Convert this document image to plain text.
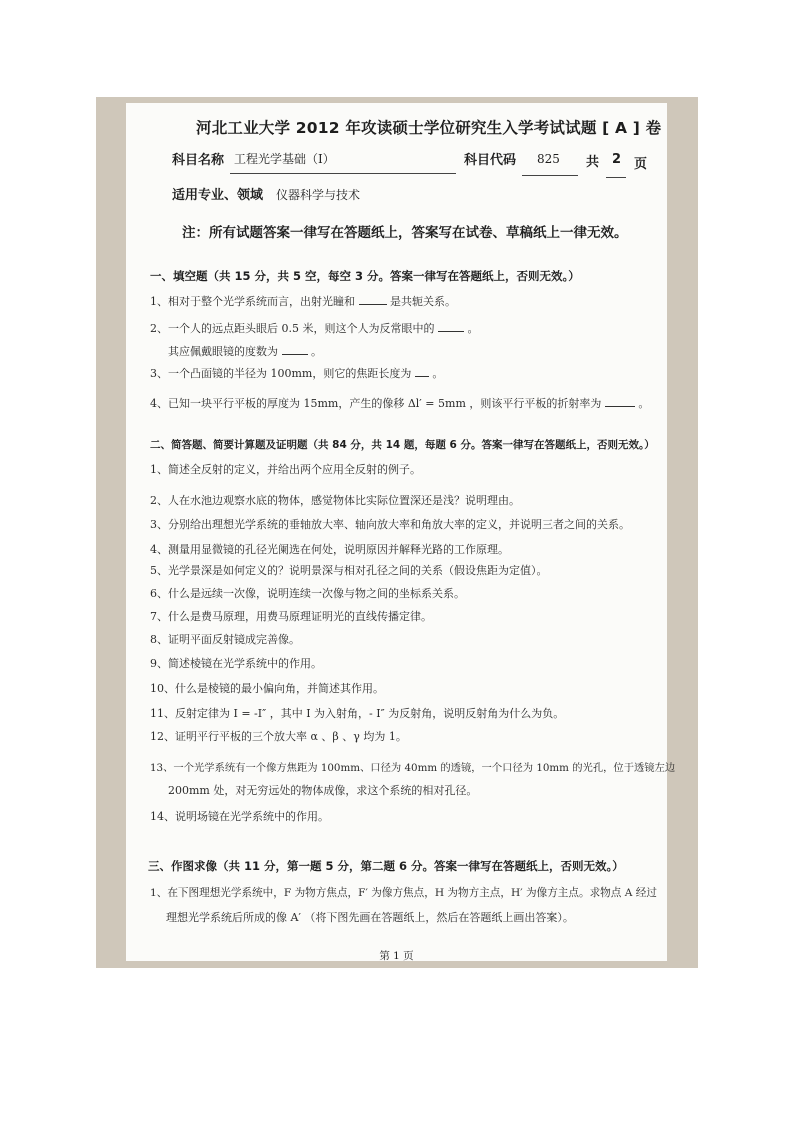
河北工业大学 2012 年攻读硕士学位研究生入学考试试题 [ A ] 卷
科目名称 工程光学基础（I）	科目代码 825 共 2 页
适用专业、领域 仪器科学与技术
注：所有试题答案一律写在答题纸上，答案写在试卷、草稿纸上一律无效。
一、填空题（共 15 分，共 5 空，每空 3 分。答案一律写在答题纸上，否则无效。）
1、相对于整个光学系统而言，出射光瞳和	是共轭关系。
2、一个人的远点距头眼后 0.5 米，则这个人为反常眼中的	。
其应佩戴眼镜的度数为	。
3、一个凸面镜的半径为 100mm，则它的焦距长度为 。
4、已知一块平行平板的厚度为 15mm，产生的像移 Δl′ = 5mm ，则该平行平板的折射率为	。
二、简答题、简要计算题及证明题（共 84 分，共 14 题，每题 6 分。答案一律写在答题纸上，否则无效。）
1、简述全反射的定义，并给出两个应用全反射的例子。
2、人在水池边观察水底的物体，感觉物体比实际位置深还是浅？说明理由。
3、分别给出理想光学系统的垂轴放大率、轴向放大率和角放大率的定义，并说明三者之间的关系。
4、测量用显微镜的孔径光阑选在何处，说明原因并解释光路的工作原理。
5、光学景深是如何定义的？说明景深与相对孔径之间的关系（假设焦距为定值）。
6、什么是远续一次像，说明连续一次像与物之间的坐标系关系。
7、什么是费马原理，用费马原理证明光的直线传播定律。
8、证明平面反射镜成完善像。
9、简述棱镜在光学系统中的作用。
10、什么是棱镜的最小偏向角，并简述其作用。
11、反射定律为 I = -I″ ，其中 I 为入射角，- I″ 为反射角，说明反射角为什么为负。
12、证明平行平板的三个放大率 α 、β 、γ 均为 1。
13、一个光学系统有一个像方焦距为 100mm、口径为 40mm 的透镜，一个口径为 10mm 的光孔，位于透镜左边
200mm 处，对无穷远处的物体成像，求这个系统的相对孔径。
14、说明场镜在光学系统中的作用。
三、作图求像（共 11 分，第一题 5 分，第二题 6 分。答案一律写在答题纸上，否则无效。）
1、在下图理想光学系统中，F 为物方焦点，F′ 为像方焦点，H 为物方主点，H′ 为像方主点。求物点 A 经过
理想光学系统后所成的像 A′ （将下图先画在答题纸上，然后在答题纸上画出答案）。
第 1 页
